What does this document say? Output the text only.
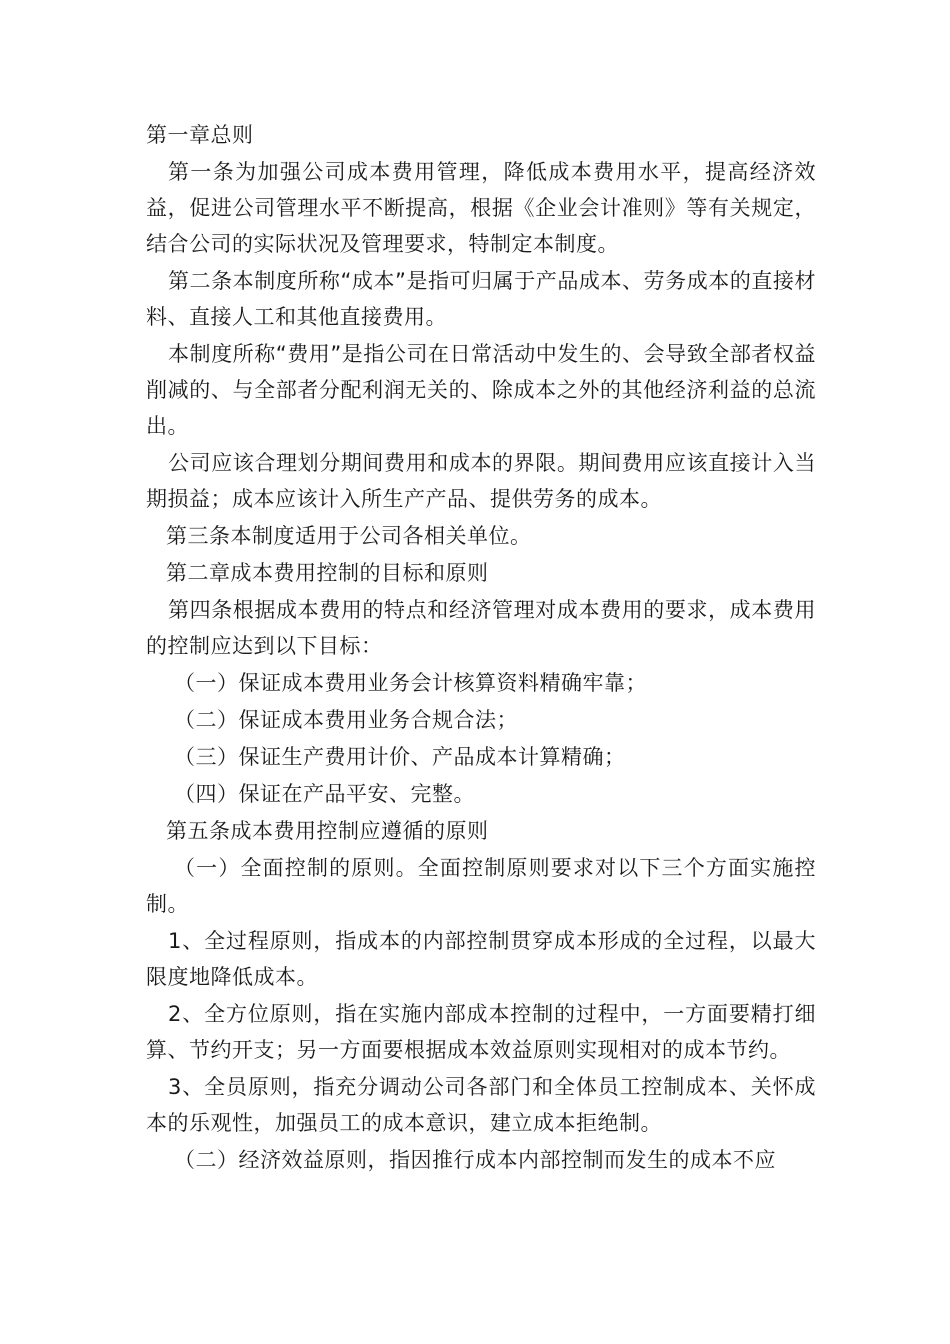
第一章总则

第一条为加强公司成本费用管理，降低成本费用水平，提高经济效益，促进公司管理水平不断提高，根据《企业会计准则》等有关规定，结合公司的实际状况及管理要求，特制定本制度。

第二条本制度所称“成本”是指可归属于产品成本、劳务成本的直接材料、直接人工和其他直接费用。

本制度所称“费用”是指公司在日常活动中发生的、会导致全部者权益削减的、与全部者分配利润无关的、除成本之外的其他经济利益的总流出。

公司应该合理划分期间费用和成本的界限。期间费用应该直接计入当期损益；成本应该计入所生产产品、提供劳务的成本。

第三条本制度适用于公司各相关单位。

第二章成本费用控制的目标和原则

第四条根据成本费用的特点和经济管理对成本费用的要求，成本费用的控制应达到以下目标：

（一）保证成本费用业务会计核算资料精确牢靠；

（二）保证成本费用业务合规合法；

（三）保证生产费用计价、产品成本计算精确；

（四）保证在产品平安、完整。

第五条成本费用控制应遵循的原则

（一）全面控制的原则。全面控制原则要求对以下三个方面实施控制。

1、全过程原则，指成本的内部控制贯穿成本形成的全过程，以最大限度地降低成本。

2、全方位原则，指在实施内部成本控制的过程中，一方面要精打细算、节约开支；另一方面要根据成本效益原则实现相对的成本节约。

3、全员原则，指充分调动公司各部门和全体员工控制成本、关怀成本的乐观性，加强员工的成本意识，建立成本拒绝制。

（二）经济效益原则，指因推行成本内部控制而发生的成本不应
